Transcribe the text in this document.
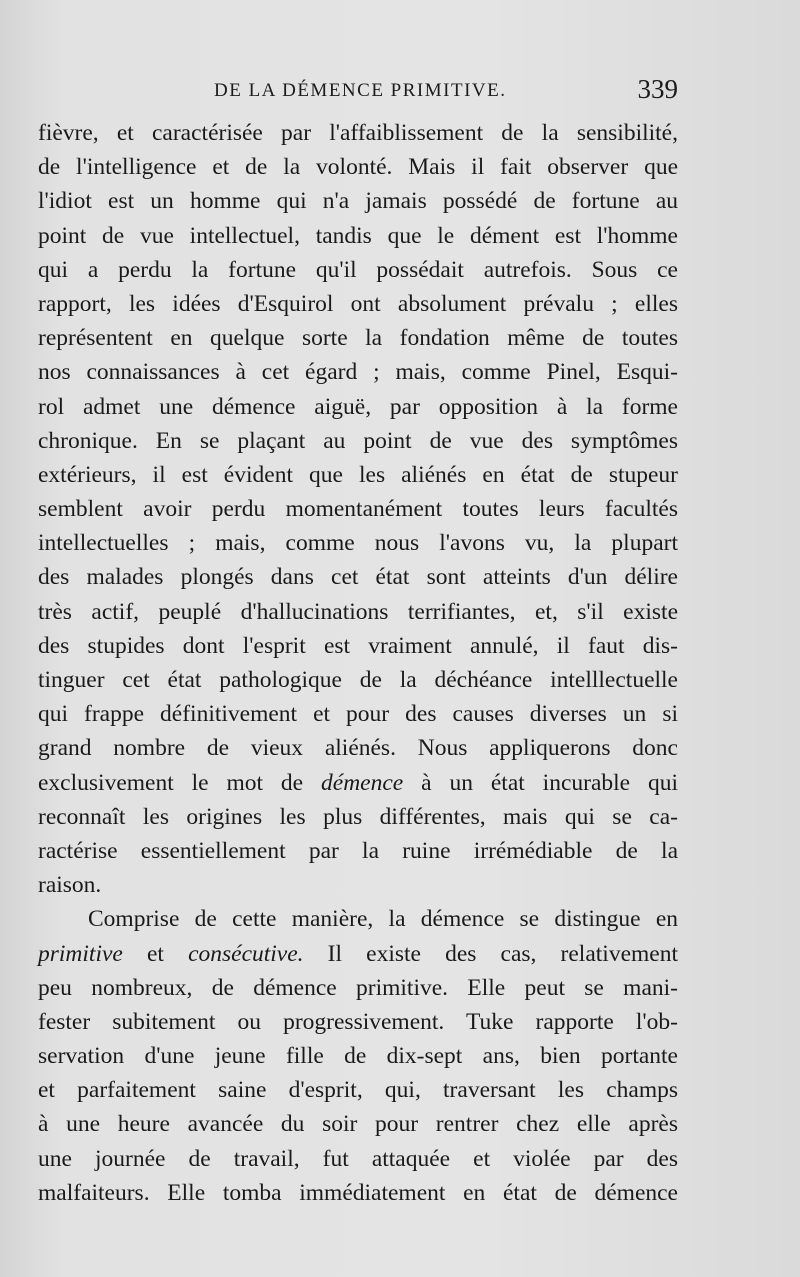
DE LA DÉMENCE PRIMITIVE.	339
fièvre, et caractérisée par l'affaiblissement de la sensibilité,
de l'intelligence et de la volonté. Mais il fait observer que
l'idiot est un homme qui n'a jamais possédé de fortune au
point de vue intellectuel, tandis que le dément est l'homme
qui a perdu la fortune qu'il possédait autrefois. Sous ce
rapport, les idées d'Esquirol ont absolument prévalu ; elles
représentent en quelque sorte la fondation même de toutes
nos connaissances à cet égard ; mais, comme Pinel, Esqui-
rol admet une démence aiguë, par opposition à la forme
chronique. En se plaçant au point de vue des symptômes
extérieurs, il est évident que les aliénés en état de stupeur
semblent avoir perdu momentanément toutes leurs facultés
intellectuelles ; mais, comme nous l'avons vu, la plupart
des malades plongés dans cet état sont atteints d'un délire
très actif, peuplé d'hallucinations terrifiantes, et, s'il existe
des stupides dont l'esprit est vraiment annulé, il faut dis-
tinguer cet état pathologique de la déchéance intelllectuelle
qui frappe définitivement et pour des causes diverses un si
grand nombre de vieux aliénés. Nous appliquerons donc
exclusivement le mot de démence à un état incurable qui
reconnaît les origines les plus différentes, mais qui se ca-
ractérise essentiellement par la ruine irrémédiable de la
raison.
Comprise de cette manière, la démence se distingue en
primitive et consécutive. Il existe des cas, relativement
peu nombreux, de démence primitive. Elle peut se mani-
fester subitement ou progressivement. Tuke rapporte l'ob-
servation d'une jeune fille de dix-sept ans, bien portante
et parfaitement saine d'esprit, qui, traversant les champs
à une heure avancée du soir pour rentrer chez elle après
une journée de travail, fut attaquée et violée par des
malfaiteurs. Elle tomba immédiatement en état de démence
